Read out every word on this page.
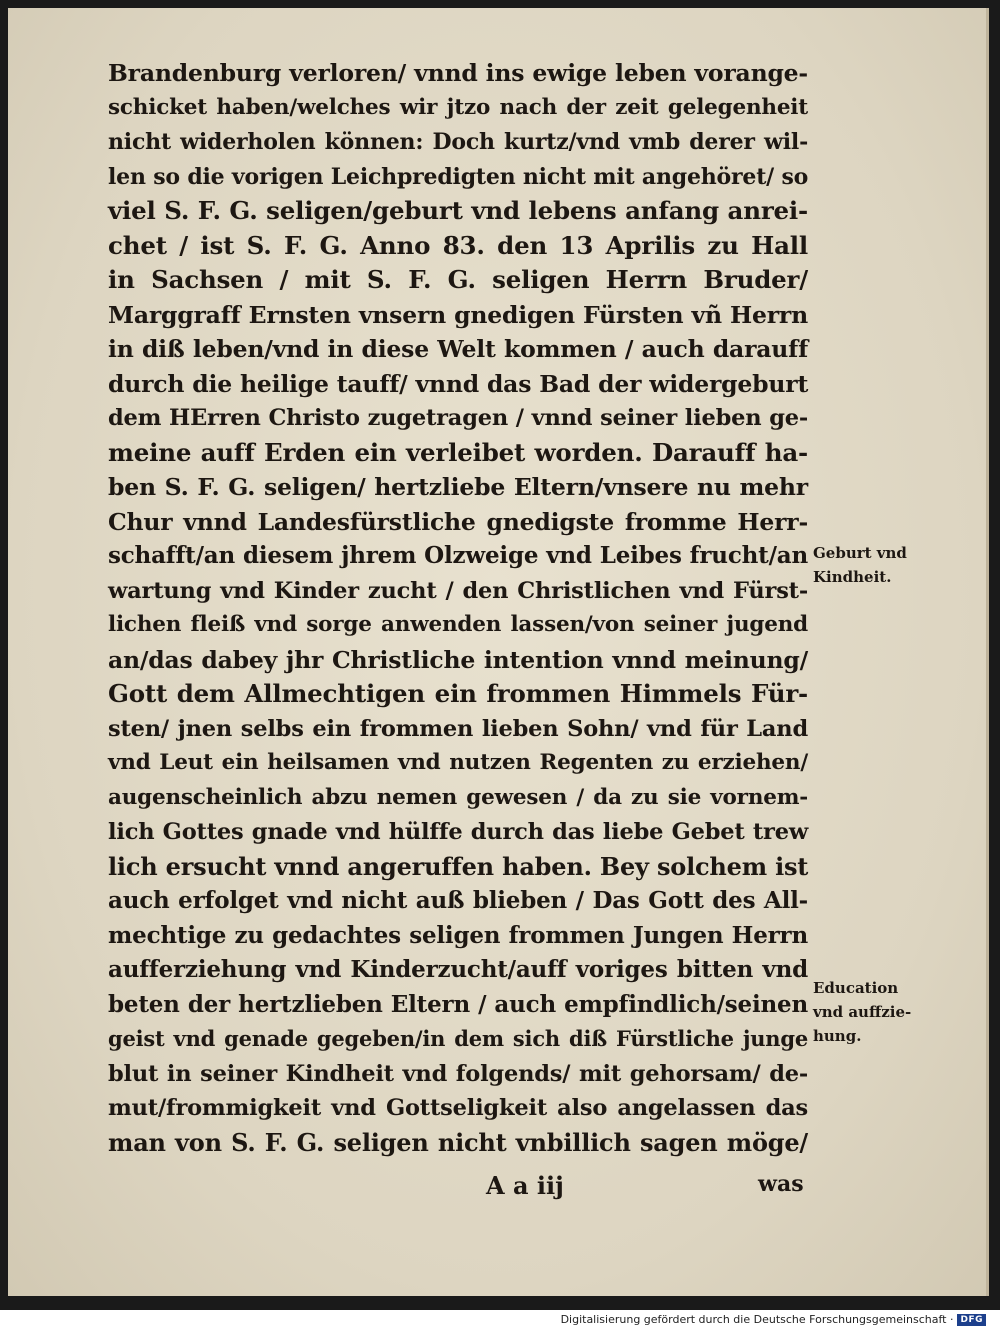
Brandenburg verloren/ vnnd ins ewige leben vorange-
schicket haben/welches wir jtzo nach der zeit gelegenheit
nicht widerholen können: Doch kurtz/vnd vmb derer wil-
len so die vorigen Leichpredigten nicht mit angehöret/ so
viel S. F. G. seligen/geburt vnd lebens anfang anrei-
chet / ist S. F. G. Anno 83. den 13 Aprilis zu Hall
in Sachsen / mit S. F. G. seligen Herrn Bruder/
Marggraff Ernsten vnsern gnedigen Fürsten vñ Herrn
in diß leben/vnd in diese Welt kommen / auch darauff
durch die heilige tauff/ vnnd das Bad der widergeburt
dem HErren Christo zugetragen / vnnd seiner lieben ge-
meine auff Erden ein verleibet worden. Darauff ha-
ben S. F. G. seligen/ hertzliebe Eltern/vnsere nu mehr
Chur vnnd Landesfürstliche gnedigste fromme Herr-
schafft/an diesem jhrem Olzweige vnd Leibes frucht/an
wartung vnd Kinder zucht / den Christlichen vnd Fürst-
lichen fleiß vnd sorge anwenden lassen/von seiner jugend
an/das dabey jhr Christliche intention vnnd meinung/
Gott dem Allmechtigen ein frommen Himmels Für-
sten/ jnen selbs ein frommen lieben Sohn/ vnd für Land
vnd Leut ein heilsamen vnd nutzen Regenten zu erziehen/
augenscheinlich abzu nemen gewesen / da zu sie vornem-
lich Gottes gnade vnd hülffe durch das liebe Gebet trew
lich ersucht vnnd angeruffen haben. Bey solchem ist
auch erfolget vnd nicht auß blieben / Das Gott des All-
mechtige zu gedachtes seligen frommen Jungen Herrn
aufferziehung vnd Kinderzucht/auff voriges bitten vnd
beten der hertzlieben Eltern / auch empfindlich/seinen
geist vnd genade gegeben/in dem sich diß Fürstliche junge
blut in seiner Kindheit vnd folgends/ mit gehorsam/ de-
mut/frommigkeit vnd Gottseligkeit also angelassen das
man von S. F. G. seligen nicht vnbillich sagen möge/
Geburt vnd
Kindheit.
Education
vnd auffzie-
hung.
A a iij	was
Digitalisierung gefördert durch die Deutsche Forschungsgemeinschaft · DFG
